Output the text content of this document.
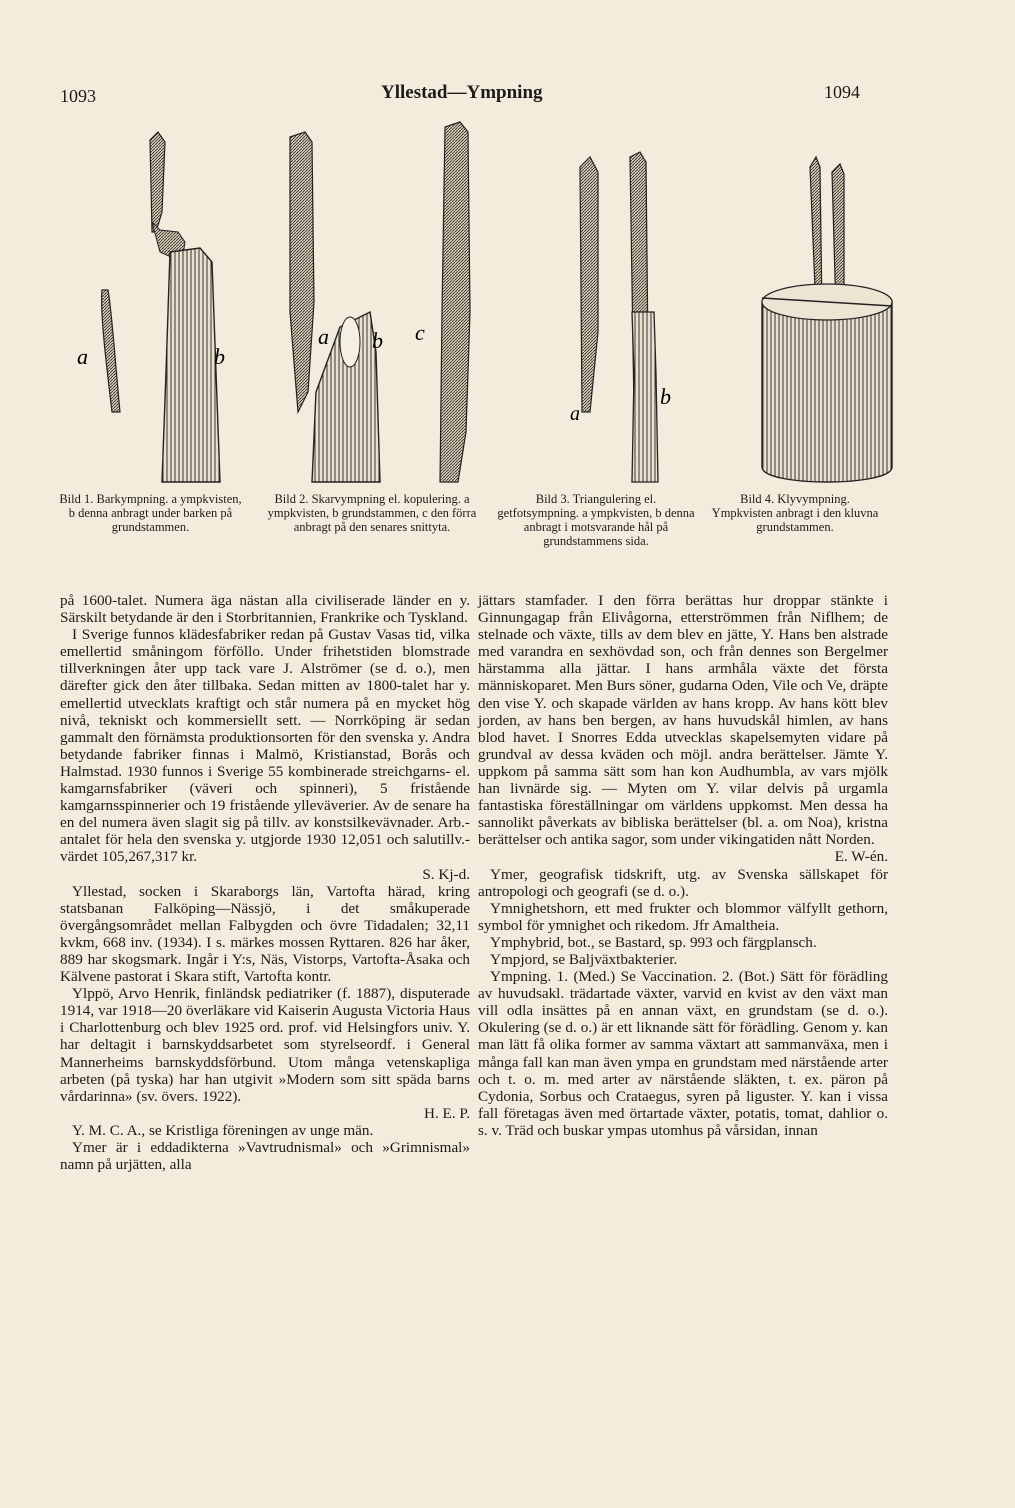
1093	Yllestad—Ympning	1094
a	b
a b c
a
b
Bild 1. Barkympning. a ympkvisten, b denna anbragt under barken på grundstammen.
Bild 2. Skarvympning el. kopulering. a ympkvisten, b grundstammen, c den förra anbragt på den senares snittyta.
Bild 3. Triangulering el. getfotsympning. a ympkvisten, b denna anbragt i motsvarande hål på grundstammens sida.
Bild 4. Klyvympning. Ympkvisten anbragt i den kluvna grundstammen.

på 1600-talet. Numera äga nästan alla civiliserade länder en y. Särskilt betydande är den i Storbritannien, Frankrike och Tyskland.

I Sverige funnos klädesfabriker redan på Gustav Vasas tid, vilka emellertid småningom förföllo. Under frihetstiden blomstrade tillverkningen åter upp tack vare J. Alströmer (se d. o.), men därefter gick den åter tillbaka. Sedan mitten av 1800-talet har y. emellertid utvecklats kraftigt och står numera på en mycket hög nivå, tekniskt och kommersiellt sett. — Norrköping är sedan gammalt den förnämsta produktionsorten för den svenska y. Andra betydande fabriker finnas i Malmö, Kristianstad, Borås och Halmstad. 1930 funnos i Sverige 55 kombinerade streichgarns- el. kamgarnsfabriker (väveri och spinneri), 5 fristående kamgarnsspinnerier och 19 fristående ylleväverier. Av de senare ha en del numera även slagit sig på tillv. av konstsilkevävnader. Arb.-antalet för hela den svenska y. utgjorde 1930 12,051 och salutillv.-värdet 105,267,317 kr.

S. Kj-d.

Yllestad, socken i Skaraborgs län, Vartofta härad, kring statsbanan Falköping—Nässjö, i det småkuperade övergångsområdet mellan Falbygden och övre Tidadalen; 32,11 kvkm, 668 inv. (1934). I s. märkes mossen Ryttaren. 826 har åker, 889 har skogsmark. Ingår i Y:s, Näs, Vistorps, Vartofta-Åsaka och Kälvene pastorat i Skara stift, Vartofta kontr.

Ylppö, Arvo Henrik, finländsk pediatriker (f. 1887), disputerade 1914, var 1918—20 överläkare vid Kaiserin Augusta Victoria Haus i Charlottenburg och blev 1925 ord. prof. vid Helsingfors univ. Y. har deltagit i barnskyddsarbetet som styrelseordf. i General Mannerheims barnskyddsförbund. Utom många vetenskapliga arbeten (på tyska) har han utgivit »Modern som sitt späda barns vårdarinna» (sv. övers. 1922).

H. E. P.

Y. M. C. A., se Kristliga föreningen av unge män.

Ymer är i eddadikterna »Vavtrudnismal» och »Grimnismal» namn på urjätten, alla

jättars stamfader. I den förra berättas hur droppar stänkte i Ginnungagap från Elivågorna, etterströmmen från Niflhem; de stelnade och växte, tills av dem blev en jätte, Y. Hans ben alstrade med varandra en sexhövdad son, och från dennes son Bergelmer härstamma alla jättar. I hans armhåla växte det första människoparet. Men Burs söner, gudarna Oden, Vile och Ve, dräpte den vise Y. och skapade världen av hans kropp. Av hans kött blev jorden, av hans ben bergen, av hans huvudskål himlen, av hans blod havet. I Snorres Edda utvecklas skapelsemyten vidare på grundval av dessa kväden och möjl. andra berättelser. Jämte Y. uppkom på samma sätt som han kon Audhumbla, av vars mjölk han livnärde sig. — Myten om Y. vilar delvis på urgamla fantastiska föreställningar om världens uppkomst. Men dessa ha sannolikt påverkats av bibliska berättelser (bl. a. om Noa), kristna berättelser och antika sagor, som under vikingatiden nått Norden.

E. W-én.

Ymer, geografisk tidskrift, utg. av Svenska sällskapet för antropologi och geografi (se d. o.).

Ymnighetshorn, ett med frukter och blommor välfyllt gethorn, symbol för ymnighet och rikedom. Jfr Amaltheia.

Ymphybrid, bot., se Bastard, sp. 993 och färgplansch.

Ympjord, se Baljväxtbakterier.

Ympning. 1. (Med.) Se Vaccination. 2. (Bot.) Sätt för förädling av huvudsakl. trädartade växter, varvid en kvist av den växt man vill odla insättes på en annan växt, en grundstam (se d. o.). Okulering (se d. o.) är ett liknande sätt för förädling. Genom y. kan man lätt få olika former av samma växtart att sammanväxa, men i många fall kan man även ympa en grundstam med närstående arter och t. o. m. med arter av närstående släkten, t. ex. päron på Cydonia, Sorbus och Crataegus, syren på liguster. Y. kan i vissa fall företagas även med örtartade växter, potatis, tomat, dahlior o. s. v. Träd och buskar ympas utomhus på vårsidan, innan
